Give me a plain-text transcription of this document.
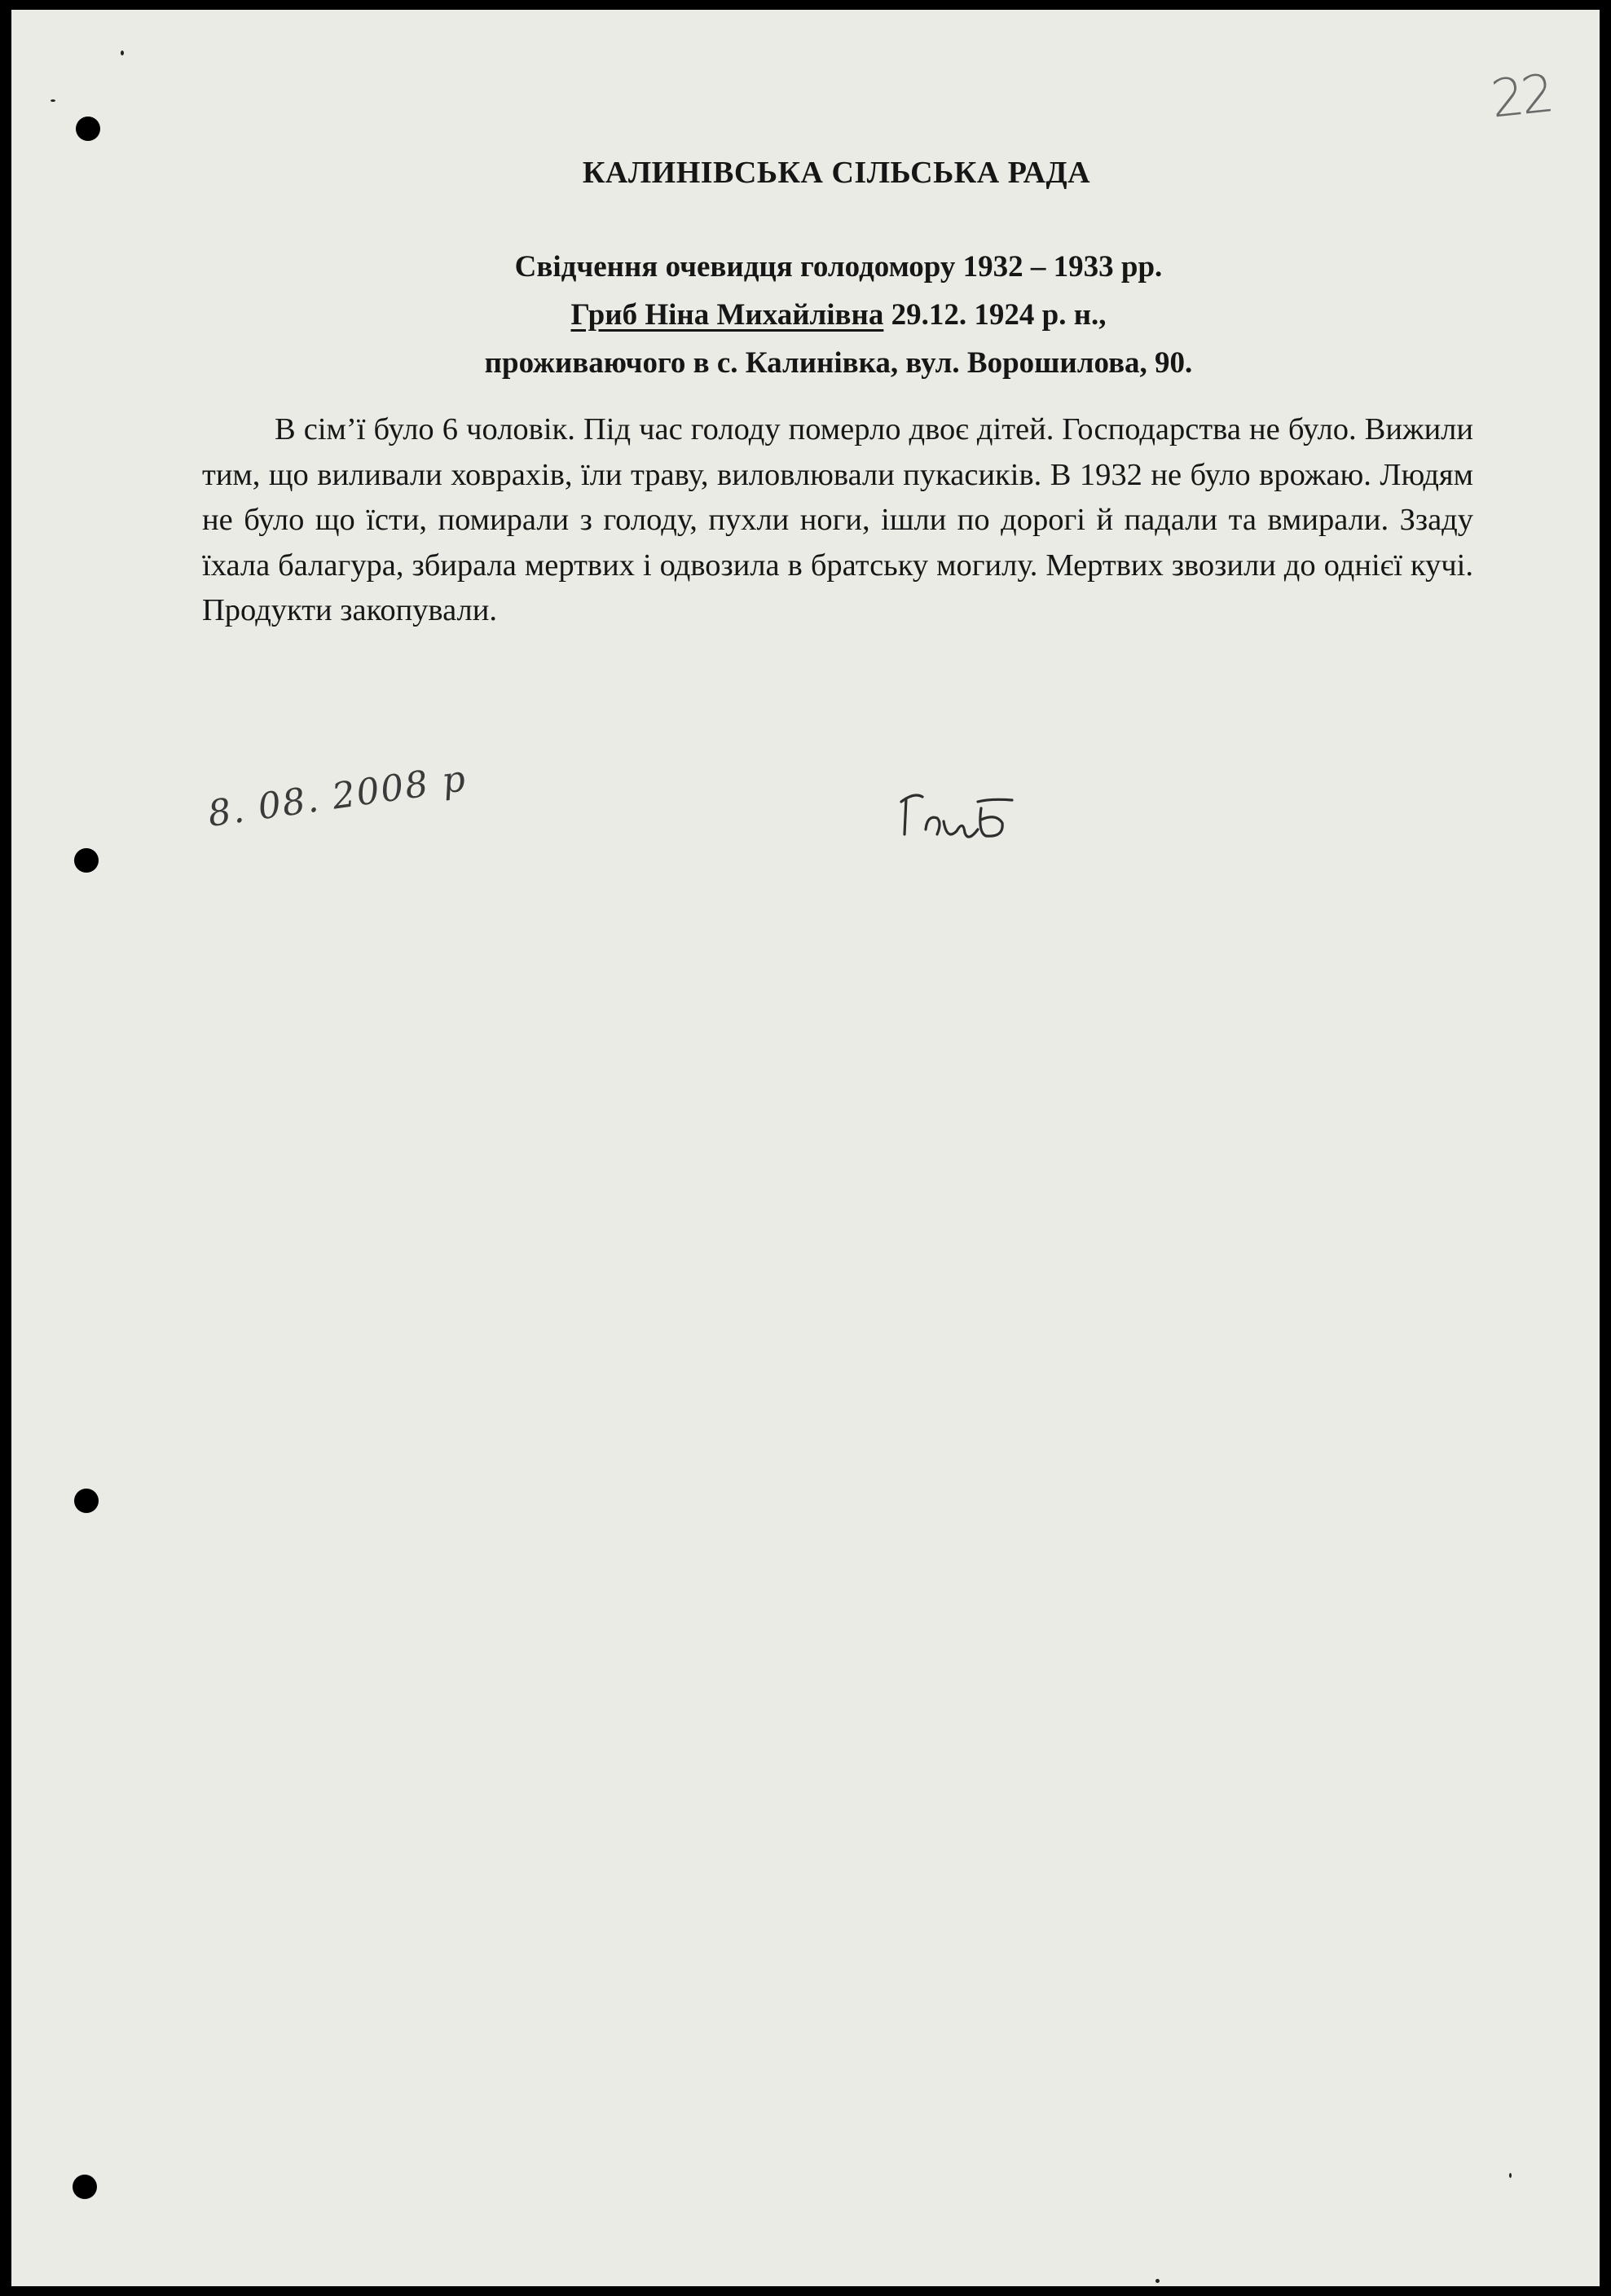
22
КАЛИНІВСЬКА СІЛЬСЬКА РАДА
Свідчення очевидця голодомору 1932 – 1933 рр.
Гриб Ніна Михайлівна 29.12. 1924 р. н.,
проживаючого в с. Калинівка, вул. Ворошилова, 90.
В сім’ї було 6 чоловік. Під час голоду померло двоє дітей. Господарства не було. Вижили тим, що виливали ховрахів, їли траву, виловлювали пукасиків. В 1932 не було врожаю. Людям не було що їсти, помирали з голоду, пухли ноги, ішли по дорогі й падали та вмирали. Ззаду їхала балагура, збирала мертвих і одвозила в братську могилу. Мертвих звозили до однієї кучі. Продукти закопували.
8. 08. 2008 р
